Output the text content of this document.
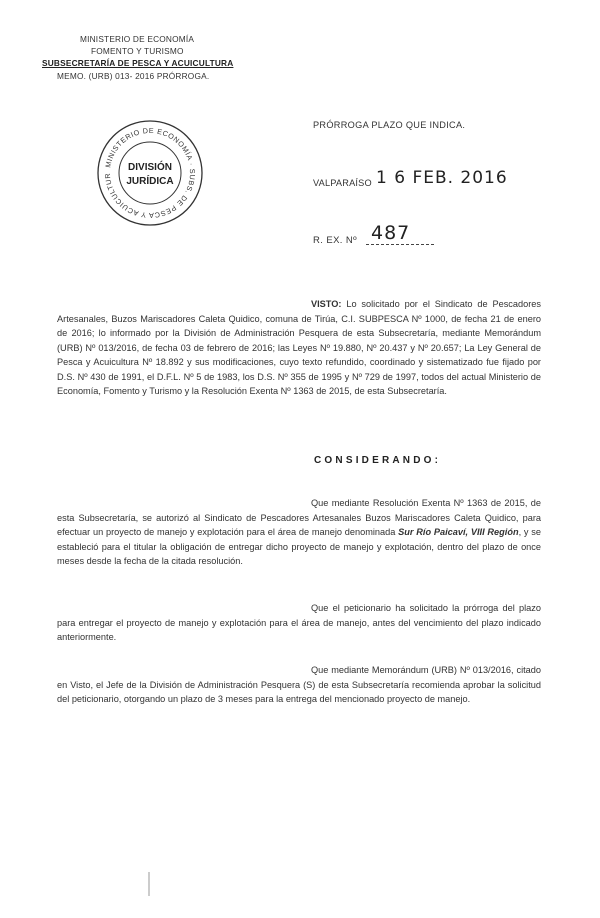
MINISTERIO DE ECONOMÍA
FOMENTO Y TURISMO
SUBSECRETARÍA DE PESCA Y ACUICULTURA
MEMO. (URB) 013- 2016 PRÓRROGA.
MINISTERIO DE ECONOMÍA · SUBS. DE PESCA Y ACUICULTUR
DIVISIÓN
JURÍDICA
PRÓRROGA PLAZO QUE INDICA.
VALPARAÍSO 1 6 FEB. 2016
R. EX. Nº 487
VISTO: Lo solicitado por el Sindicato de Pescadores Artesanales, Buzos Mariscadores Caleta Quidico, comuna de Tirúa, C.I. SUBPESCA Nº 1000, de fecha 21 de enero de 2016; lo informado por la División de Administración Pesquera de esta Subsecretaría, mediante Memorándum (URB) Nº 013/2016, de fecha 03 de febrero de 2016; las Leyes Nº 19.880, Nº 20.437 y Nº 20.657; La Ley General de Pesca y Acuicultura Nº 18.892 y sus modificaciones, cuyo texto refundido, coordinado y sistematizado fue fijado por D.S. Nº 430 de 1991, el D.F.L. Nº 5 de 1983, los D.S. Nº 355 de 1995 y Nº 729 de 1997, todos del actual Ministerio de Economía, Fomento y Turismo y la Resolución Exenta Nº 1363 de 2015, de esta Subsecretaría.
CONSIDERANDO:
Que mediante Resolución Exenta Nº 1363 de 2015, de esta Subsecretaría, se autorizó al Sindicato de Pescadores Artesanales Buzos Mariscadores Caleta Quidico, para efectuar un proyecto de manejo y explotación para el área de manejo denominada Sur Río Paicaví, VIII Región, y se estableció para el titular la obligación de entregar dicho proyecto de manejo y explotación, dentro del plazo de once meses desde la fecha de la citada resolución.
Que el peticionario ha solicitado la prórroga del plazo para entregar el proyecto de manejo y explotación para el área de manejo, antes del vencimiento del plazo indicado anteriormente.
Que mediante Memorándum (URB) Nº 013/2016, citado en Visto, el Jefe de la División de Administración Pesquera (S) de esta Subsecretaría recomienda aprobar la solicitud del peticionario, otorgando un plazo de 3 meses para la entrega del mencionado proyecto de manejo.
